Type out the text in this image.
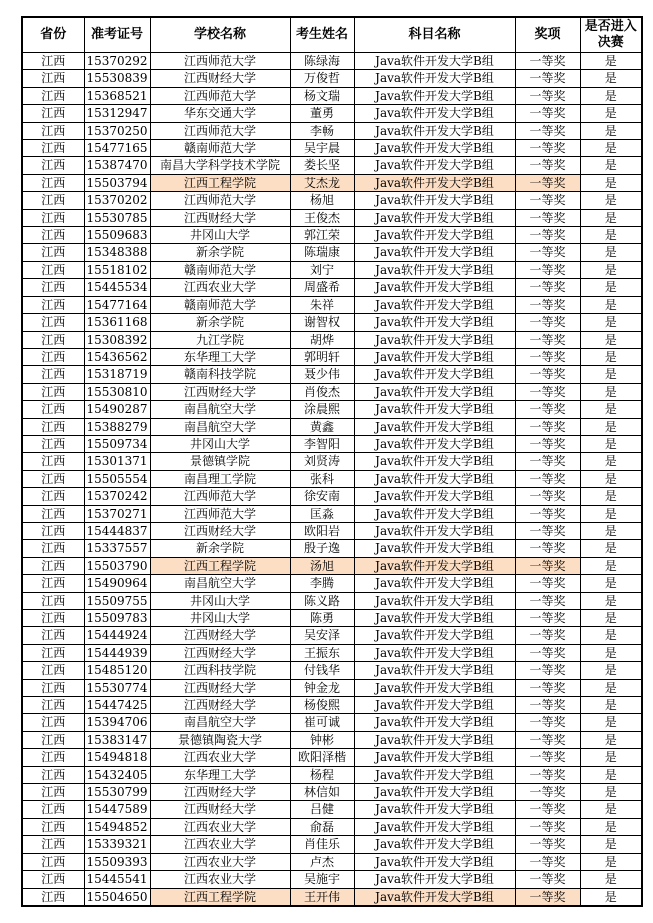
省份	准考证号	学校名称	考生姓名	科目名称	奖项	是否进入决赛
江西	15370292	江西师范大学	陈绿海	Java软件开发大学B组	一等奖	是
江西	15530839	江西财经大学	万俊哲	Java软件开发大学B组	一等奖	是
江西	15368521	江西师范大学	杨文瑞	Java软件开发大学B组	一等奖	是
江西	15312947	华东交通大学	董勇	Java软件开发大学B组	一等奖	是
江西	15370250	江西师范大学	李畅	Java软件开发大学B组	一等奖	是
江西	15477165	赣南师范大学	吴宇晨	Java软件开发大学B组	一等奖	是
江西	15387470	南昌大学科学技术学院	娄长坚	Java软件开发大学B组	一等奖	是
江西	15503794	江西工程学院	艾杰龙	Java软件开发大学B组	一等奖	是
江西	15370202	江西师范大学	杨旭	Java软件开发大学B组	一等奖	是
江西	15530785	江西财经大学	王俊杰	Java软件开发大学B组	一等奖	是
江西	15509683	井冈山大学	郭江荣	Java软件开发大学B组	一等奖	是
江西	15348388	新余学院	陈瑞康	Java软件开发大学B组	一等奖	是
江西	15518102	赣南师范大学	刘宁	Java软件开发大学B组	一等奖	是
江西	15445534	江西农业大学	周盛希	Java软件开发大学B组	一等奖	是
江西	15477164	赣南师范大学	朱祥	Java软件开发大学B组	一等奖	是
江西	15361168	新余学院	谢智权	Java软件开发大学B组	一等奖	是
江西	15308392	九江学院	胡烨	Java软件开发大学B组	一等奖	是
江西	15436562	东华理工大学	郭明轩	Java软件开发大学B组	一等奖	是
江西	15318719	赣南科技学院	聂少伟	Java软件开发大学B组	一等奖	是
江西	15530810	江西财经大学	肖俊杰	Java软件开发大学B组	一等奖	是
江西	15490287	南昌航空大学	涂晨熙	Java软件开发大学B组	一等奖	是
江西	15388279	南昌航空大学	黄鑫	Java软件开发大学B组	一等奖	是
江西	15509734	井冈山大学	李智阳	Java软件开发大学B组	一等奖	是
江西	15301371	景德镇学院	刘贤涛	Java软件开发大学B组	一等奖	是
江西	15505554	南昌理工学院	张科	Java软件开发大学B组	一等奖	是
江西	15370242	江西师范大学	徐安南	Java软件开发大学B组	一等奖	是
江西	15370271	江西师范大学	匡淼	Java软件开发大学B组	一等奖	是
江西	15444837	江西财经大学	欧阳岩	Java软件开发大学B组	一等奖	是
江西	15337557	新余学院	殷子逸	Java软件开发大学B组	一等奖	是
江西	15503790	江西工程学院	汤旭	Java软件开发大学B组	一等奖	是
江西	15490964	南昌航空大学	李腾	Java软件开发大学B组	一等奖	是
江西	15509755	井冈山大学	陈义路	Java软件开发大学B组	一等奖	是
江西	15509783	井冈山大学	陈勇	Java软件开发大学B组	一等奖	是
江西	15444924	江西财经大学	吴安泽	Java软件开发大学B组	一等奖	是
江西	15444939	江西财经大学	王振东	Java软件开发大学B组	一等奖	是
江西	15485120	江西科技学院	付钱华	Java软件开发大学B组	一等奖	是
江西	15530774	江西财经大学	钟金龙	Java软件开发大学B组	一等奖	是
江西	15447425	江西财经大学	杨俊熙	Java软件开发大学B组	一等奖	是
江西	15394706	南昌航空大学	崔可诚	Java软件开发大学B组	一等奖	是
江西	15383147	景德镇陶瓷大学	钟彬	Java软件开发大学B组	一等奖	是
江西	15494818	江西农业大学	欧阳泽楷	Java软件开发大学B组	一等奖	是
江西	15432405	东华理工大学	杨程	Java软件开发大学B组	一等奖	是
江西	15530799	江西财经大学	林信如	Java软件开发大学B组	一等奖	是
江西	15447589	江西财经大学	吕健	Java软件开发大学B组	一等奖	是
江西	15494852	江西农业大学	俞磊	Java软件开发大学B组	一等奖	是
江西	15339321	江西农业大学	肖佳乐	Java软件开发大学B组	一等奖	是
江西	15509393	江西农业大学	卢杰	Java软件开发大学B组	一等奖	是
江西	15445541	江西农业大学	吴施宇	Java软件开发大学B组	一等奖	是
江西	15504650	江西工程学院	王开伟	Java软件开发大学B组	一等奖	是
